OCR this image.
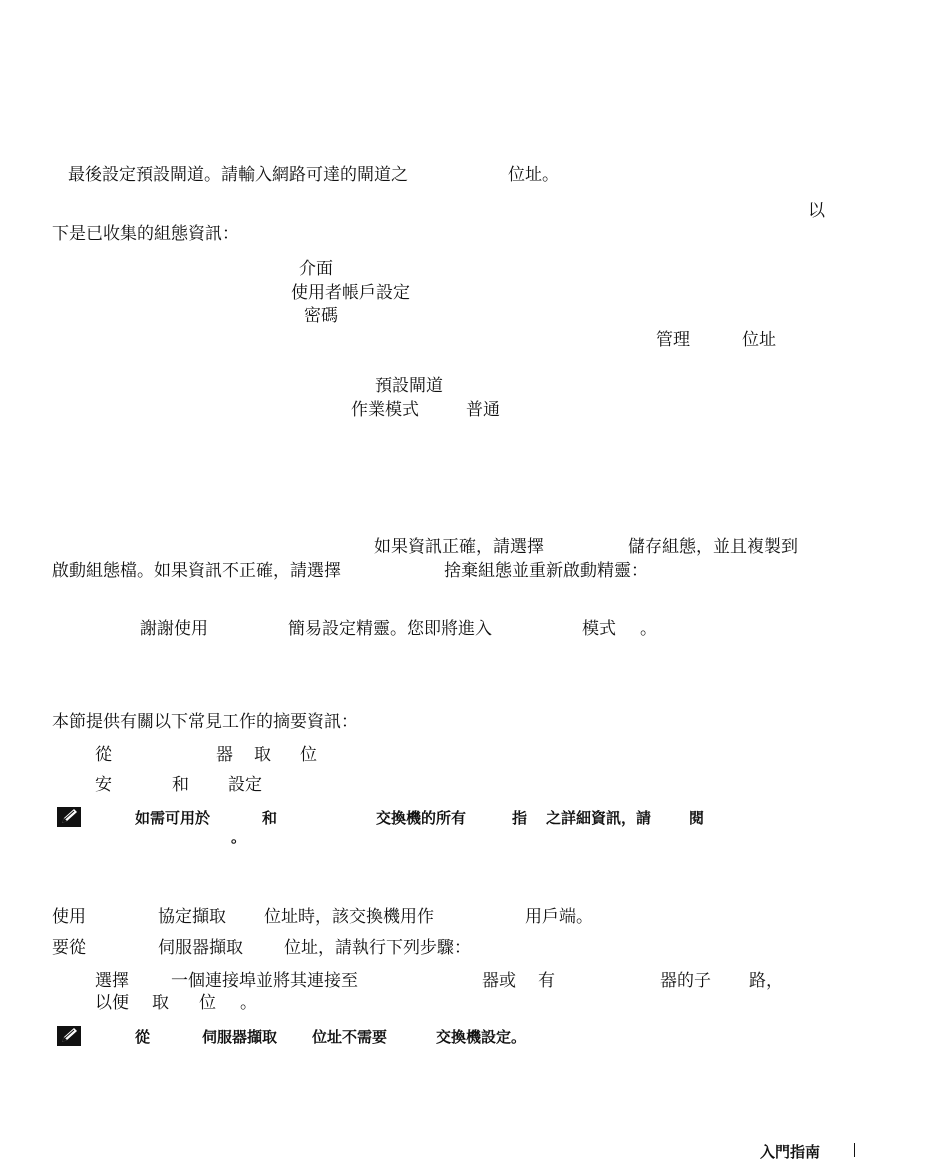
最後設定預設閘道。請輸入網路可達的閘道之	位址。
以
下是已收集的組態資訊：
介面
使用者帳戶設定
密碼
管理	位址
預設閘道
作業模式	普通
如果資訊正確，請選擇	儲存組態，並且複製到
啟動組態檔。如果資訊不正確，請選擇	捨棄組態並重新啟動精靈：
謝謝使用	簡易設定精靈。您即將進入	模式 。
本節提供有關以下常見工作的摘要資訊：
從	器 取 位
安	和 設定
如需可用於	和	交換機的所有	指 之詳細資訊，請	閱
。
使用	協定擷取 位址時，該交換機用作	用戶端。
要從	伺服器擷取 位址，請執行下列步驟：
選擇 一個連接埠並將其連接至	器或 有	器的子 路，
以便 取 位 。
從	伺服器擷取 位址不需要	交換機設定。
入門指南
